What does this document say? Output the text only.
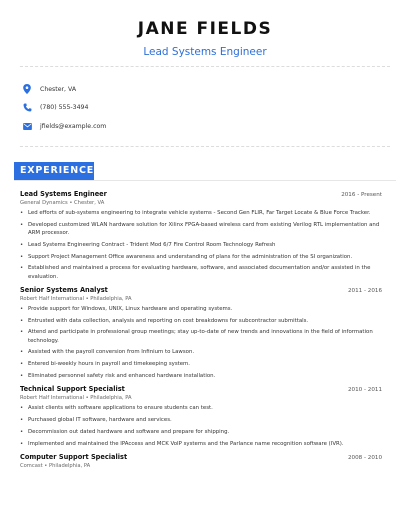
JANE FIELDS
Lead Systems Engineer
Chester, VA
(780) 555-3494
jfields@example.com
EXPERIENCE
Lead Systems Engineer	2016 - Present
General Dynamics • Chester, VA
• Led efforts of sub-systems engineering to integrate vehicle systems - Second Gen FLIR, Far Target Locate & Blue Force Tracker.
• Developed customized WLAN hardware solution for Xilinx FPGA-based wireless card from existing Verilog RTL implementation and ARM processor.
• Lead Systems Engineering Contract - Trident Mod 6/7 Fire Control Room Technology Refresh
• Support Project Management Office awareness and understanding of plans for the administration of the SI organization.
• Established and maintained a process for evaluating hardware, software, and associated documentation and/or assisted in the evaluation.
Senior Systems Analyst	2011 - 2016
Robert Half International • Philadelphia, PA
• Provide support for Windows, UNIX, Linux hardware and operating systems.
• Entrusted with data collection, analysis and reporting on cost breakdowns for subcontractor submittals.
• Attend and participate in professional group meetings; stay up-to-date of new trends and innovations in the field of information technology.
• Assisted with the payroll conversion from Infinium to Lawson.
• Entered bi-weekly hours in payroll and timekeeping system.
• Eliminated personnel safety risk and enhanced hardware installation.
Technical Support Specialist	2010 - 2011
Robert Half International • Philadelphia, PA
• Assist clients with software applications to ensure students can test.
• Purchased global IT software, hardware and services.
• Decommission out dated hardware and software and prepare for shipping.
• Implemented and maintained the IPAccess and MCK VoIP systems and the Parlance name recognition software (IVR).
Computer Support Specialist	2008 - 2010
Comcast • Philadelphia, PA
